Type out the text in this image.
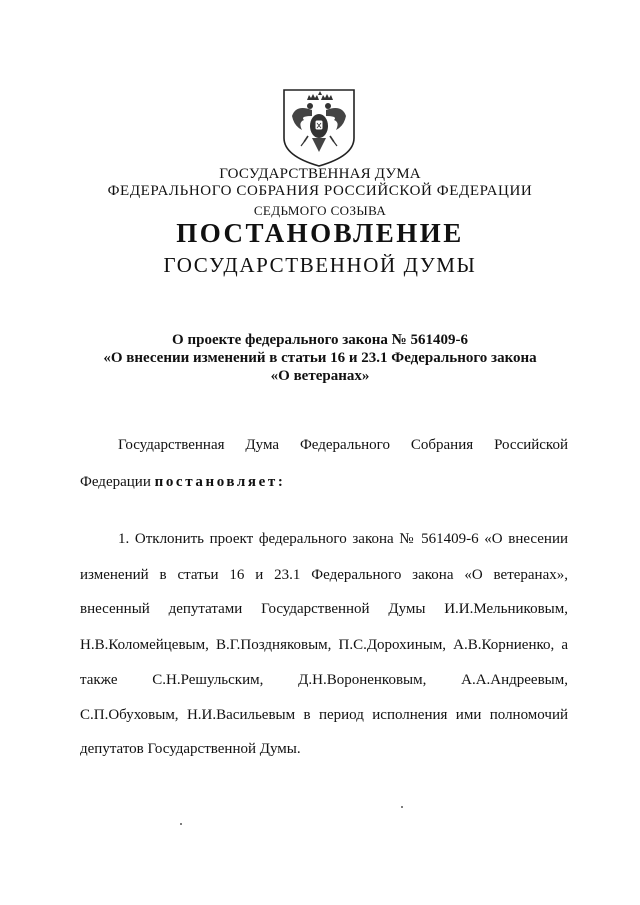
ГОСУДАРСТВЕННАЯ ДУМА
ФЕДЕРАЛЬНОГО СОБРАНИЯ РОССИЙСКОЙ ФЕДЕРАЦИИ
СЕДЬМОГО СОЗЫВА
ПОСТАНОВЛЕНИЕ
ГОСУДАРСТВЕННОЙ ДУМЫ
О проекте федерального закона № 561409-6
«О внесении изменений в статьи 16 и 23.1 Федерального закона
«О ветеранах»
Государственная Дума Федерального Собрания Российской
Федерации постановляет:
1. Отклонить проект федерального закона № 561409-6 «О внесении
изменений в статьи 16 и 23.1 Федерального закона «О ветеранах»,
внесенный депутатами Государственной Думы И.И.Мельниковым,
Н.В.Коломейцевым, В.Г.Поздняковым, П.С.Дорохиным, А.В.Корниенко, а
также С.Н.Решульским, Д.Н.Вороненковым, А.А.Андреевым,
С.П.Обуховым, Н.И.Васильевым в период исполнения ими полномочий
депутатов Государственной Думы.
